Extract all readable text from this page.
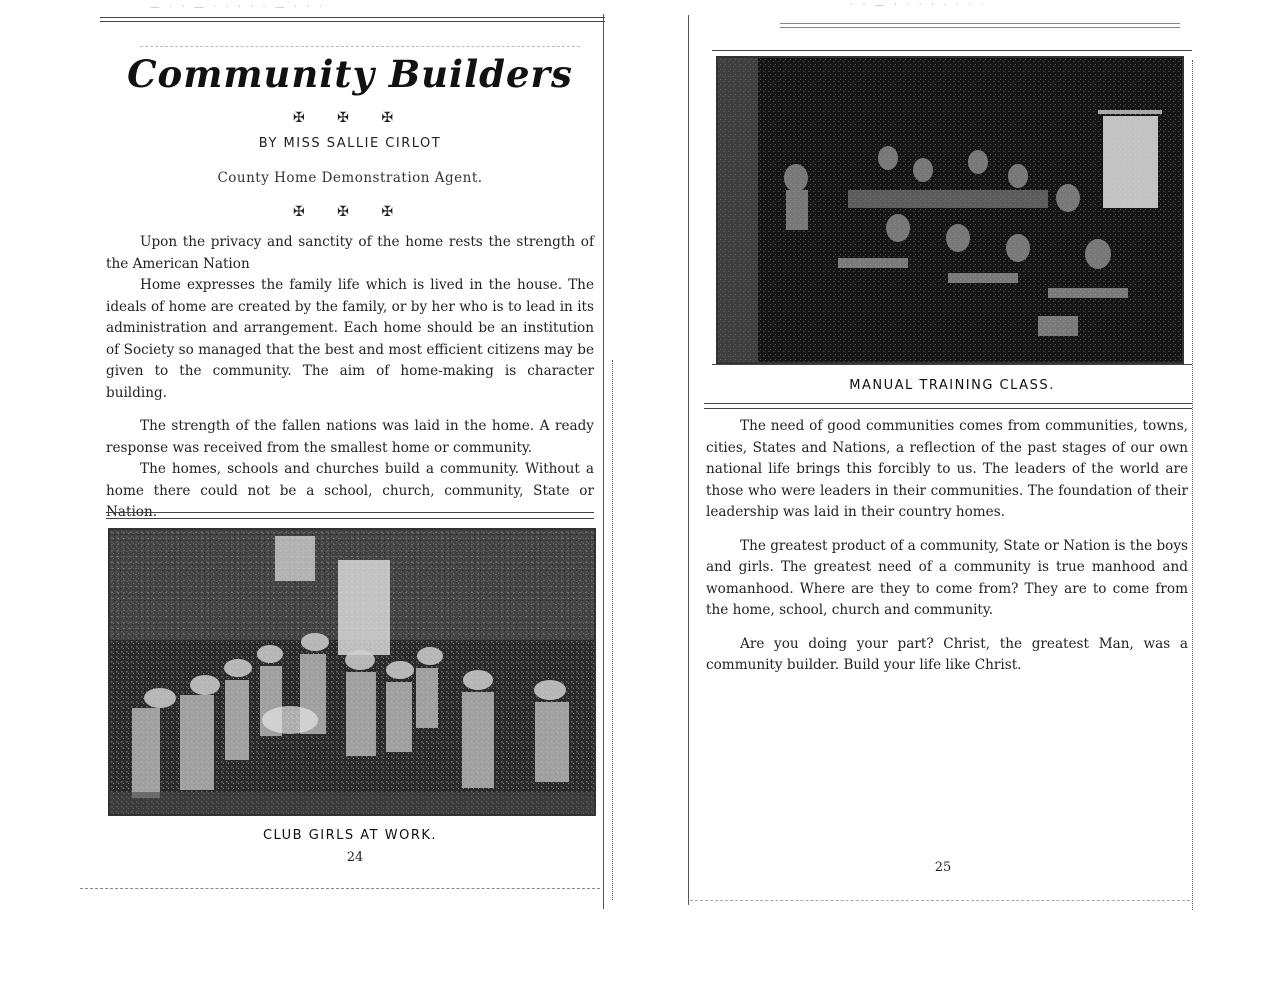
— · · — · · · · · — · · ·
Community Builders
✠ ✠ ✠
BY MISS SALLIE CIRLOT
County Home Demonstration Agent.
✠ ✠ ✠

Upon the privacy and sanctity of the home rests the strength of the American Nation

Home expresses the family life which is lived in the house. The ideals of home are created by the family, or by her who is to lead in its administration and arrangement. Each home should be an institution of Society so managed that the best and most efficient citizens may be given to the community. The aim of home-making is character building.

The strength of the fallen nations was laid in the home. A ready response was received from the smallest home or community.

The homes, schools and churches build a community. Without a home there could not be a school, church, community, State or Nation.

CLUB GIRLS AT WORK.
24
· · — · · · · · · · ·
MANUAL TRAINING CLASS.

The need of good communities comes from communities, towns, cities, States and Nations, a reflection of the past stages of our own national life brings this forcibly to us. The leaders of the world are those who were leaders in their communities. The foundation of their leadership was laid in their country homes.

The greatest product of a community, State or Nation is the boys and girls. The greatest need of a community is true manhood and womanhood. Where are they to come from? They are to come from the home, school, church and community.

Are you doing your part? Christ, the greatest Man, was a community builder. Build your life like Christ.

25
